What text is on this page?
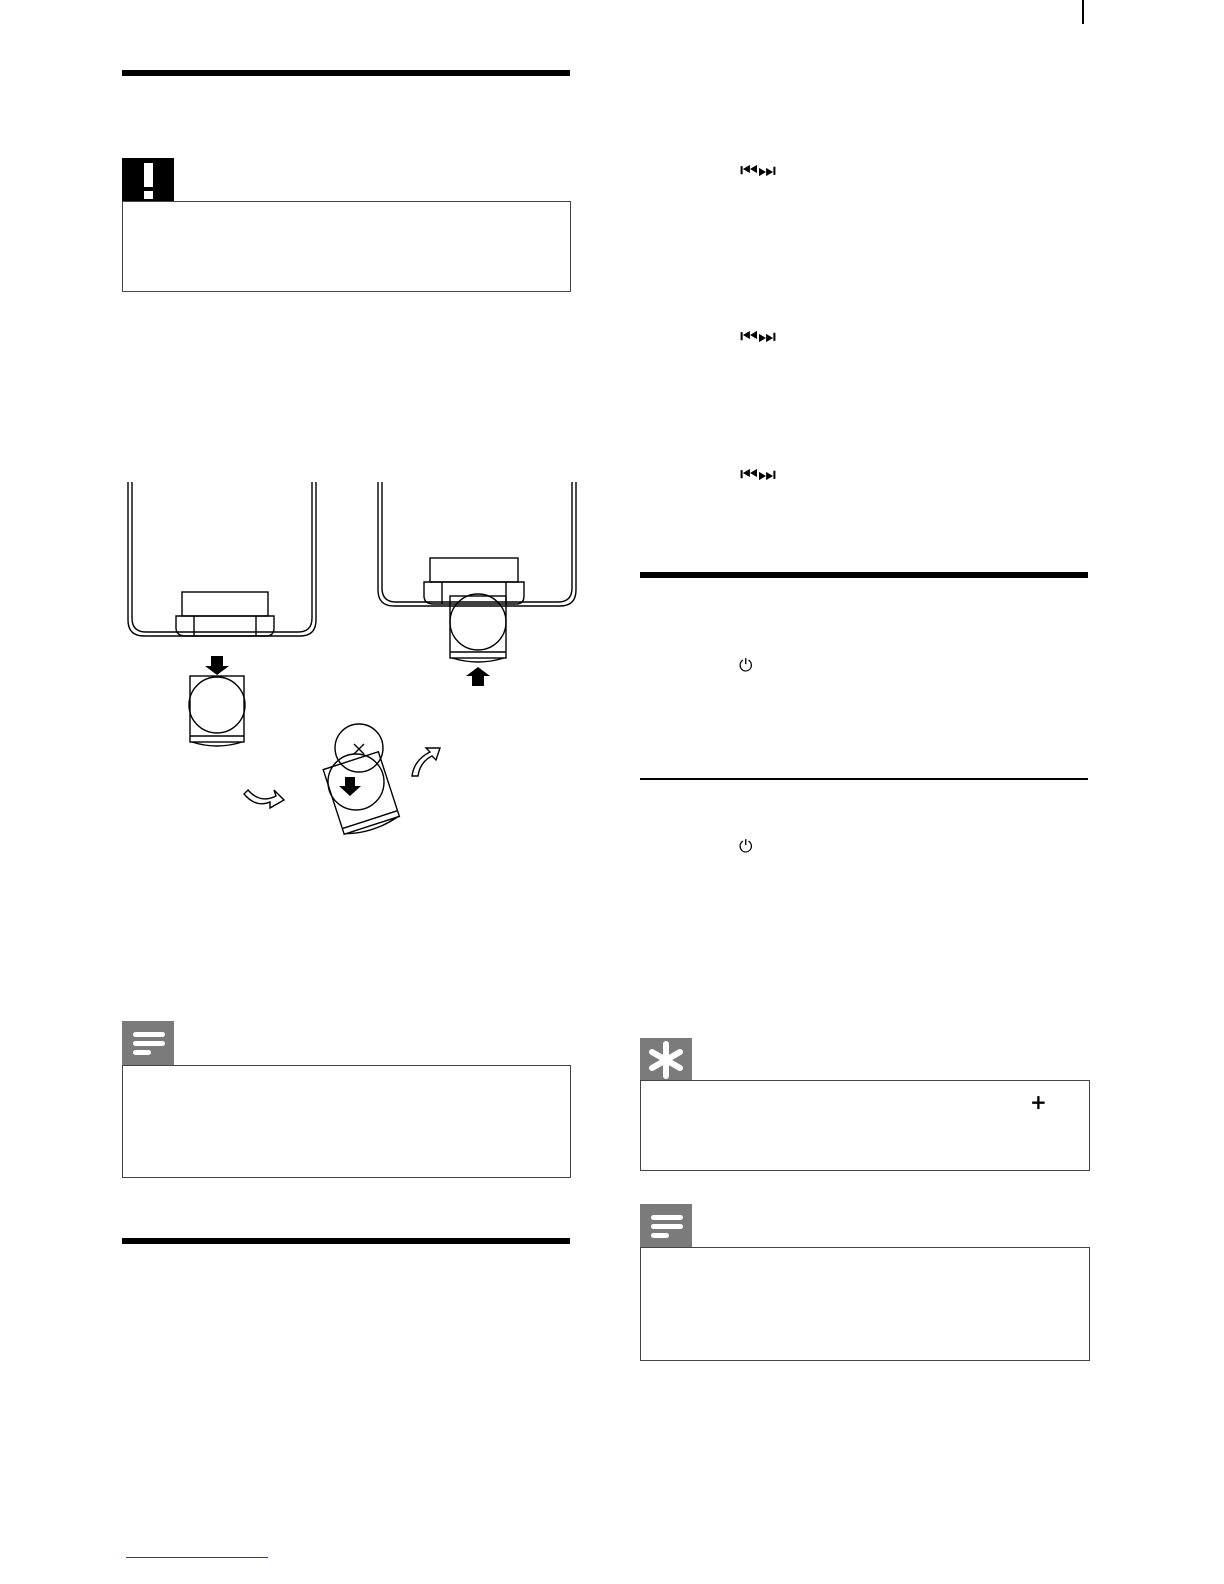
⏮⏭
⏮⏭
⏮⏭
⏻
⏻
+
